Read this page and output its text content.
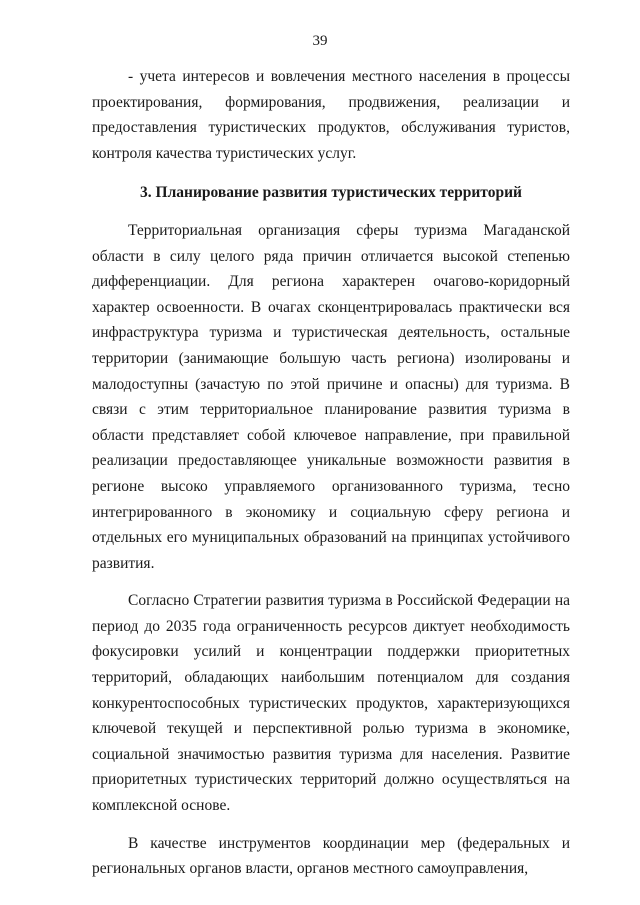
39

- учета интересов и вовлечения местного населения в процессы проектирования, формирования, продвижения, реализации и предоставления туристических продуктов, обслуживания туристов, контроля качества туристических услуг.

3. Планирование развития туристических территорий

Территориальная организация сферы туризма Магаданской области в силу целого ряда причин отличается высокой степенью дифференциации. Для региона характерен очагово-коридорный характер освоенности. В очагах сконцентрировалась практически вся инфраструктура туризма и туристическая деятельность, остальные территории (занимающие большую часть региона) изолированы и малодоступны (зачастую по этой причине и опасны) для туризма. В связи с этим территориальное планирование развития туризма в области представляет собой ключевое направление, при правильной реализации предоставляющее уникальные возможности развития в регионе высоко управляемого организованного туризма, тесно интегрированного в экономику и социальную сферу региона и отдельных его муниципальных образований на принципах устойчивого развития.

Согласно Стратегии развития туризма в Российской Федерации на период до 2035 года ограниченность ресурсов диктует необходимость фокусировки усилий и концентрации поддержки приоритетных территорий, обладающих наибольшим потенциалом для создания конкурентоспособных туристических продуктов, характеризующихся ключевой текущей и перспективной ролью туризма в экономике, социальной значимостью развития туризма для населения. Развитие приоритетных туристических территорий должно осуществляться на комплексной основе.

В качестве инструментов координации мер (федеральных и региональных органов власти, органов местного самоуправления,
